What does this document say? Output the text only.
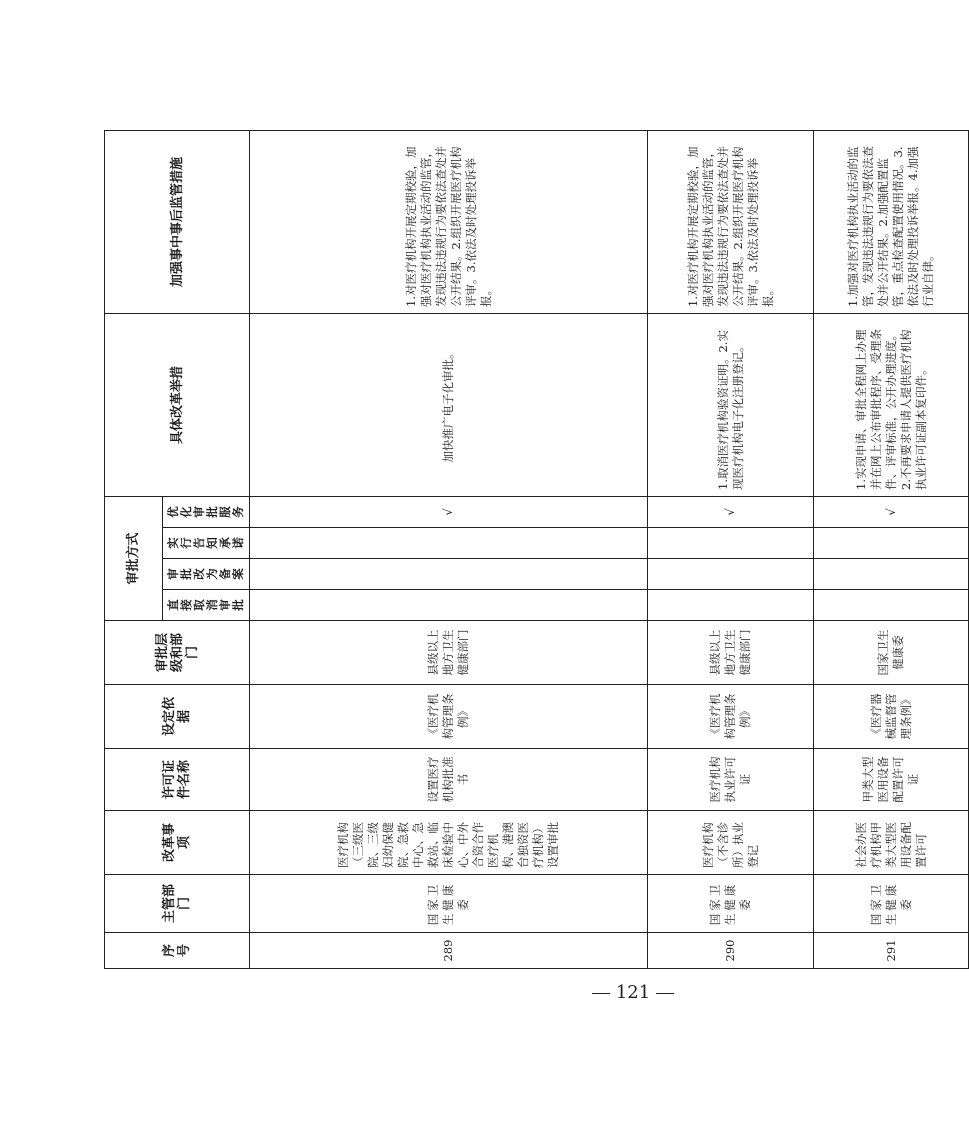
序号	主管部门	改革事项	许可证件名称	设定依据	审批层级和部门	审批方式				具体改革举措	加强事中事后监管措施
						直接取消审批	审批改为备案	实行告知承诺	优化审批服务		
289	国家卫生健康委	医疗机构（三级医院、三级妇幼保健院、急救中心、急救站、临床检验中心、中外合资合作医疗机构、港澳台独资医疗机构）设置审批	设置医疗机构批准书	《医疗机构管理条例》	县级以上地方卫生健康部门				√	加快推广电子化审批。	1.对医疗机构开展定期校验，加强对医疗机构执业活动的监管，发现违法违规行为要依法查处并公开结果。2.组织开展医疗机构评审。3.依法及时处理投诉举报。
290	国家卫生健康委	医疗机构（不含诊所）执业登记	医疗机构执业许可证	《医疗机构管理条例》	县级以上地方卫生健康部门				√	1.取消医疗机构验资证明。2.实现医疗机构电子化注册登记。	1.对医疗机构开展定期校验，加强对医疗机构执业活动的监管，发现违法违规行为要依法查处并公开结果。2.组织开展医疗机构评审。3.依法及时处理投诉举报。
291	国家卫生健康委	社会办医疗机构甲类大型医用设备配置许可	甲类大型医用设备配置许可证	《医疗器械监督管理条例》	国家卫生健康委				√	1.实现申请、审批全程网上办理并在网上公布审批程序、受理条件、评审标准，公开办理进度。2.不再要求申请人提供医疗机构执业许可证副本复印件。	1.加强对医疗机构执业活动的监管，发现违法违规行为要依法查处并公开结果。2.加强配置监管，重点检查配置使用情况。3.依法及时处理投诉举报。4.加强行业自律。
121
